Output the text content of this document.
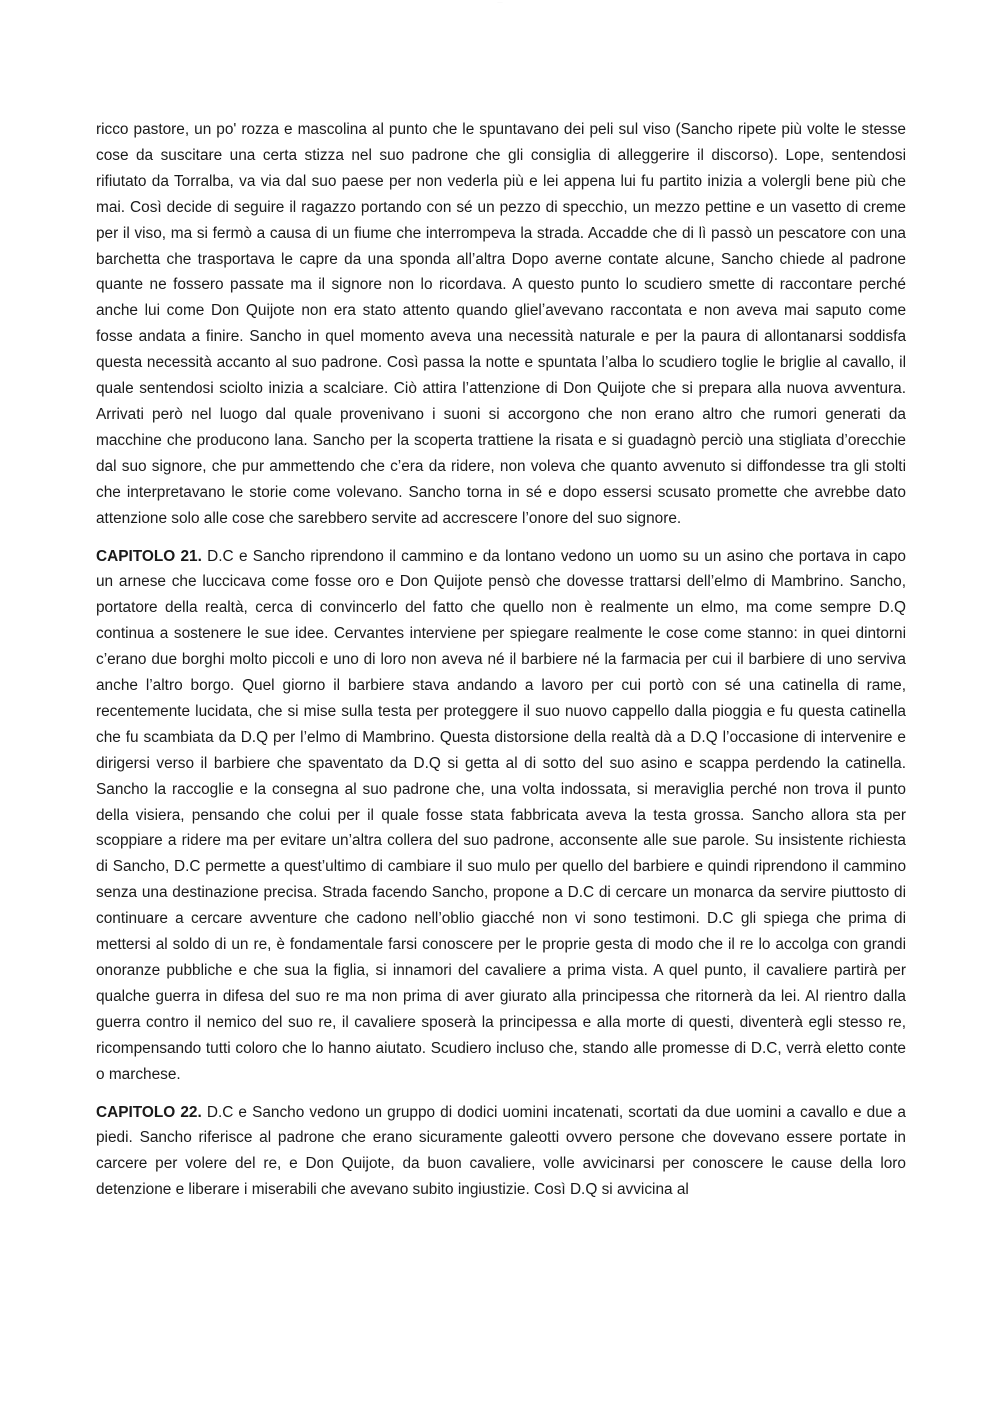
·····

ricco pastore, un po' rozza e mascolina al punto che le spuntavano dei peli sul viso (Sancho ripete più volte le stesse cose da suscitare una certa stizza nel suo padrone che gli consiglia di alleggerire il discorso). Lope, sentendosi rifiutato da Torralba, va via dal suo paese per non vederla più e lei appena lui fu partito inizia a volergli bene più che mai. Così decide di seguire il ragazzo portando con sé un pezzo di specchio, un mezzo pettine e un vasetto di creme per il viso, ma si fermò a causa di un fiume che interrompeva la strada. Accadde che di lì passò un pescatore con una barchetta che trasportava le capre da una sponda all’altra Dopo averne contate alcune, Sancho chiede al padrone quante ne fossero passate ma il signore non lo ricordava. A questo punto lo scudiero smette di raccontare perché anche lui come Don Quijote non era stato attento quando glielʼavevano raccontata e non aveva mai saputo come fosse andata a finire. Sancho in quel momento aveva una necessità naturale e per la paura di allontanarsi soddisfa questa necessità accanto al suo padrone. Così passa la notte e spuntata l’alba lo scudiero toglie le briglie al cavallo, il quale sentendosi sciolto inizia a scalciare. Ciò attira l’attenzione di Don Quijote che si prepara alla nuova avventura. Arrivati però nel luogo dal quale provenivano i suoni si accorgono che non erano altro che rumori generati da macchine che producono lana. Sancho per la scoperta trattiene la risata e si guadagnò perciò una stigliata d’orecchie dal suo signore, che pur ammettendo che c’era da ridere, non voleva che quanto avvenuto si diffondesse tra gli stolti che interpretavano le storie come volevano. Sancho torna in sé e dopo essersi scusato promette che avrebbe dato attenzione solo alle cose che sarebbero servite ad accrescere l’onore del suo signore.

CAPITOLO 21. D.C e Sancho riprendono il cammino e da lontano vedono un uomo su un asino che portava in capo un arnese che luccicava come fosse oro e Don Quijote pensò che dovesse trattarsi dell’elmo di Mambrino. Sancho, portatore della realtà, cerca di convincerlo del fatto che quello non è realmente un elmo, ma come sempre D.Q continua a sostenere le sue idee. Cervantes interviene per spiegare realmente le cose come stanno: in quei dintorni c’erano due borghi molto piccoli e uno di loro non aveva né il barbiere né la farmacia per cui il barbiere di uno serviva anche l’altro borgo. Quel giorno il barbiere stava andando a lavoro per cui portò con sé una catinella di rame, recentemente lucidata, che si mise sulla testa per proteggere il suo nuovo cappello dalla pioggia e fu questa catinella che fu scambiata da D.Q per l’elmo di Mambrino. Questa distorsione della realtà dà a D.Q l’occasione di intervenire e dirigersi verso il barbiere che spaventato da D.Q si getta al di sotto del suo asino e scappa perdendo la catinella. Sancho la raccoglie e la consegna al suo padrone che, una volta indossata, si meraviglia perché non trova il punto della visiera, pensando che colui per il quale fosse stata fabbricata aveva la testa grossa. Sancho allora sta per scoppiare a ridere ma per evitare un’altra collera del suo padrone, acconsente alle sue parole. Su insistente richiesta di Sancho, D.C permette a quest’ultimo di cambiare il suo mulo per quello del barbiere e quindi riprendono il cammino senza una destinazione precisa. Strada facendo Sancho, propone a D.C di cercare un monarca da servire piuttosto di continuare a cercare avventure che cadono nell’oblio giacché non vi sono testimoni. D.C gli spiega che prima di mettersi al soldo di un re, è fondamentale farsi conoscere per le proprie gesta di modo che il re lo accolga con grandi onoranze pubbliche e che sua la figlia, si innamori del cavaliere a prima vista. A quel punto, il cavaliere partirà per qualche guerra in difesa del suo re ma non prima di aver giurato alla principessa che ritornerà da lei. Al rientro dalla guerra contro il nemico del suo re, il cavaliere sposerà la principessa e alla morte di questi, diventerà egli stesso re, ricompensando tutti coloro che lo hanno aiutato. Scudiero incluso che, stando alle promesse di D.C, verrà eletto conte o marchese.

CAPITOLO 22. D.C e Sancho vedono un gruppo di dodici uomini incatenati, scortati da due uomini a cavallo e due a piedi. Sancho riferisce al padrone che erano sicuramente galeotti ovvero persone che dovevano essere portate in carcere per volere del re, e Don Quijote, da buon cavaliere, volle avvicinarsi per conoscere le cause della loro detenzione e liberare i miserabili che avevano subito ingiustizie. Così D.Q si avvicina al
